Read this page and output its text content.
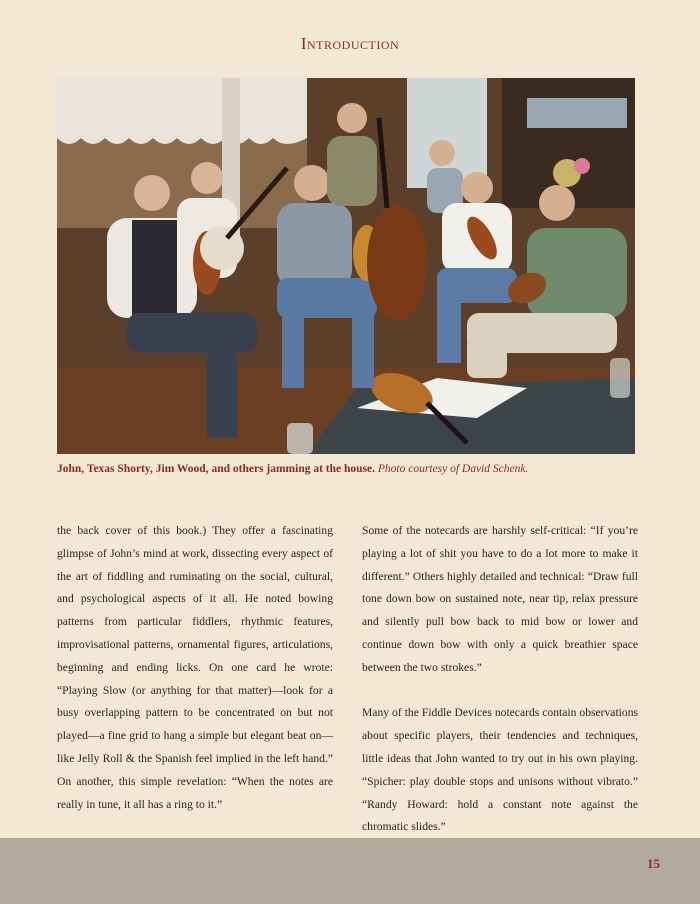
Introduction
John, Texas Shorty, Jim Wood, and others jamming at the house. Photo courtesy of David Schenk.

the back cover of this book.) They offer a fascinating glimpse of John’s mind at work, dissecting every aspect of the art of fiddling and ruminating on the social, cultural, and psychological aspects of it all. He noted bowing patterns from particular fiddlers, rhythmic features, improvisational patterns, ornamental figures, articulations, beginning and ending licks. On one card he wrote: “Playing Slow (or anything for that matter)—look for a busy overlapping pattern to be concentrated on but not played—a fine grid to hang a simple but elegant beat on—like Jelly Roll & the Spanish feel implied in the left hand.” On another, this simple revelation: “When the notes are really in tune, it all has a ring to it.”

Some of the notecards are harshly self-critical: “If you’re playing a lot of shit you have to do a lot more to make it different.” Others highly detailed and technical: “Draw full tone down bow on sustained note, near tip, relax pressure and silently pull bow back to mid bow or lower and continue down bow with only a quick breathier space between the two strokes.”

Many of the Fiddle Devices notecards contain observations about specific players, their tendencies and techniques, little ideas that John wanted to try out in his own playing. “Spicher: play double stops and unisons without vibrato.” “Randy Howard: hold a constant note against the chromatic slides.”

15
